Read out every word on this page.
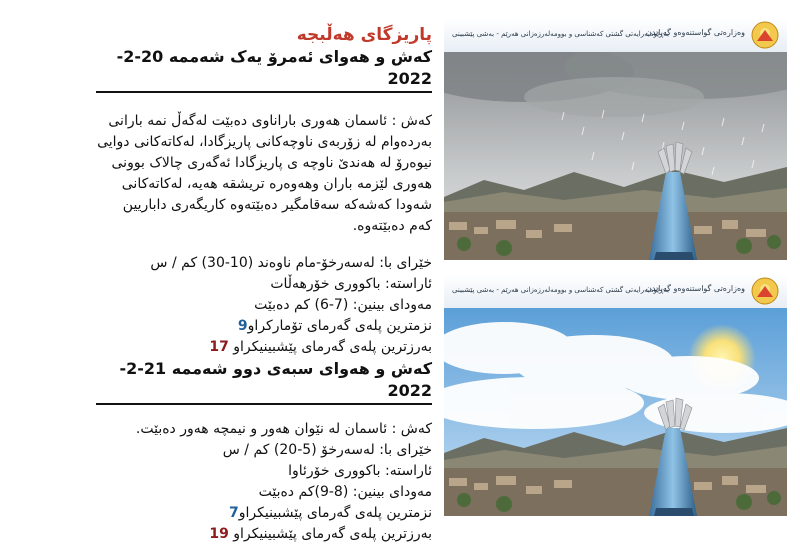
پاریزگای هەڵبجە
کەش و هەوای ئەمرۆ یەک شەممە 20-2-2022
کەش : ئاسمان هەوری باراناوی دەبێت لەگەڵ نمە بارانی بەردەوام لە زۆربەی ناوچەکانی پاریزگادا، لەکاتەکانی دوایی نیوەرۆ لە هەندێ ناوچە ی پاریزگادا ئەگەری چالاک بوونی هەوری لێزمە باران وهەوەرە تریشقە هەیە، لەکاتەکانی شەودا کەشەکە سەقامگیر دەبێتەوە کاریگەری داباریین کەم دەبێتەوە.
خێرای با: لەسەرخۆ-مام ناوەند (10-30) کم / س
ئاراستە: باکووری خۆرهەڵات
مەودای بینین: (7-6) کم دەبێت
نزمترین پلەی گەرمای تۆمارکراو9
بەرزترین پلەی گەرمای پێشبینیکراو 17
کەش و هەوای سبەی دوو شەممە 21-2-2022
کەش : ئاسمان لە نێوان هەور و نیمچە هەور دەبێت.
خێرای با: لەسەرخۆ (5-20) کم / س
ئاراستە: باکووری خۆرئاوا
مەودای بینین: (8-9)کم دەبێت
نزمترین پلەی گەرمای پێشبینیکراو7
بەرزترین پلەی گەرمای پێشبینیکراو 19
وەزارەتی گواستنەوەو گەیاندن
بەڕێوەبەرایەتی گشتی کەشناسی و بوومەلەرزەزانی هەرێم - بەشی پێشبینی
وەزارەتی گواستنەوەو گەیاندن
بەڕێوەبەرایەتی گشتی کەشناسی و بوومەلەرزەزانی هەرێم - بەشی پێشبینی
